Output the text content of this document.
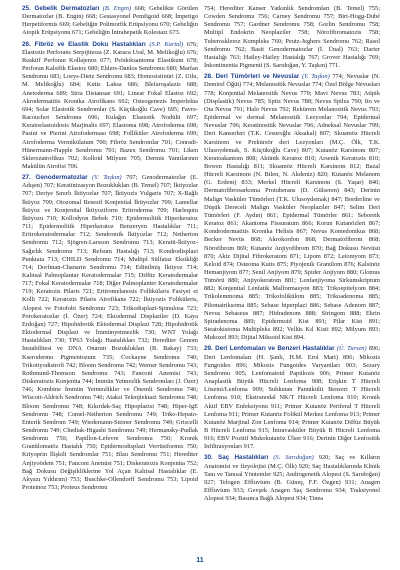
25. Gebelik Dermatozları (B. Engin) 668; Gebelikte Görülen Dermatozlar (B. Engin) 668; Gestasyonel Pemfigoid 668; İmpetigo Herpetiformis 669; Gebeliğin Polimorfik Erüpsiyonu 670; Gebeliğin Atopik Erüpsiyonu 671; Gebeliğin İntrahepatik Kolestazı 673.

26. Fibröz ve Elastik Doku Hastalıkları (S.P. Kartal) 676; Elastozis Perforans Serpijinoza (Z. Karaca Ural, M. Melikoğlu) 676; Reaktif Perforan Kollajenoz 677; Psödoksantoma Elastikum 678; Perforan Kalsifik Elastoz 680; Ehlers-Danlos Sendromu 680; Marfan Sendromu 683; Loeys-Dietz Sendromu 683; Homosistinüri (Z. Utlu, M. Melikoğlu) 684; Kutis Laksa 686; Blefaroşalazis 688; Anetoderma 689; Stria Distansae 691; Linear Fokal Elastoz 692; Akrodermatitis Kronika Atrofikans 692; Osteogenezis İmperfekta 694; Solar Elastotik Sendromlar (S. Küçükoğlu Cave) 695; Favre-Racouchot Sendromu 696; Kulağın Elastotik Nodülü 697; Keratoelastoidosis Marjinalis 697; Elastoma 698; Atrofoderma 698; Pasini ve Pierini Atrofoderması 698; Folliküler Atrofoderma 699; Atrofoderma Vermikülatum 700; Fibröz Sendromlar 701; Conradi-Hünermann-Happle Sendromu 701; Bazex Sendromu 701; Liken Sklerozatrofikus 702; Kolloid Milyum 705; Dermis Yanıtlarının Makülün Atrofisi 706.

27. Genodermatozlar (Y. Taşkın) 707; Genodermatozlar (E. Adışen) 707; Keratinizasyon Bozuklukları (B. Temel) 707; İktiyozlar 707; Deriye Sınırlı İktiyozlar 707; İktiyozis Vulgaris 707; X-Bağlı İktiyoz 709; Otozomal Resesif Konjenital İktiyozlar 709; Lamellar İktiyoz ve Konjenital İktiyoziform Eritroderma 709; Harlequin İktiyozu 710; Kollodyon Bebek 710; Epidermolitik Hiperkeratoz 711; Epidermolitik Hiperkeratoz Benzeryen Hastalıklar 711; Eritrokeratodermalar 712; Sendromik İktiyozlar 712; Netherton Sendromu 712; Sjögren-Larsson Sendromu 713; Keratit-İktiyoz-Sağırlık Sendromu 713; Refsum Hastalığı 713; Kondrodisplazi Punktata 713; CHILD Sendromu 714; Multipl Sülfataz Eksikliği 714; Dorfman-Chanarin Sendromu 714; Edinilmiş İktiyoz 714; Kalıtsal Palmoplantar Keratodermalar 715; Diffüz Keratodermalar 717; Fokal Keratodermalar 718; Diğer Palmoplanter Keratodermalar 719; Keratozis Pilaris 721; Eritromelanosis Follikülaris Fasiyei et Kolli 722; Keratozis Pilaris Atrofikans 722; İktiyozis Foliküleris, Alopesi ve Fotofobi Sendromu 723; Trikodisplazi-Spinulosa 723; Porokeratozlar (İ. Özer) 724; Ektodermal Displaziler (D. Kaya Erdoğan) 727; Hipohidrotik Ektodermal Displazi 728; Hipohidrotik Ektodermal Displazi ve İmmünyetmezlik 730; WNT Yolağı Hastalıkları 730; TP63 Yolağı Hastalıkları 732; Herediter Genom İnstabilitesi ve DNA Onarım Bozuklukları (B. Bakay) 733; Kserodermo Pigmentozum 735; Cockayne Sendromu 740; Trikotiyodistrofi 742; Bloom Sendromu 742; Werner Sendromu 743; Rothmund-Thomson Sendromu 743; Fanconi Anemisi 743; Diskeratozis Konjenita 744; İmmün Yetmezlik Sendromları (J. Özer) 746; Kombine İmmün Yetmezlikler ve Önemli Sendromu 746; Wiscott-Aldrich Sendromu 746; Ataksi Telenjiektazi Sendromu 748; Bloom Sendromu 748; Kıkırdak-Saç Hipoplazisi 748; Hiper-IgE Sendromu 748; Comel-Netherton Sendromu 749; Triko-Hepato-Enterik Sendrom 749; Wiedemann-Steiner Sendromu 749; Griscelli Sendromu 749; Chediak-Higashi Sendromu 749; Hermansky-Pudlak Sendromu 750; Papillon-Lefevre Sendromu 750; Kronik Granülomatöz Hastalık 750; Epidermodisplazi Verrüsiformis 750; Kriyoprin İlişkili Sendromlar 751; Blau Sendromu 751; Herediter Anjiyoödem 751; Fanconi Anemisi 751; Diskeratozis Konjenita 752; Bağ Dokusu Değişikliklerine Yol Açan Kalıtsal Hastalıklar (E. Akyazı Yıldırım) 753; Buschke-Ollendorff Sendromu 753; Lipoid Proteinoz 753; Proteus Sendromu

754; Herediter Kanser Yatkınlık Sendromları (B. Temel) 755; Cowden Sendromu 756; Carney Sendromu 757; Birt-Hogg-Dubé Sendromu 757; Gardner Sendromu 758; Gorlin Sendromu 758; Multipl Endokrin Neoplaziler 758; Nörofibromatozis 758; Tuberoskleroz Kompleks 760; Peutz-Jeghers Sendromu 762; Rasol Sendromu 762; Basit Genodermatozlar (İ. Ünal) 763; Darier Hastalığı 763; Hailey-Hailey Hastalığı 767; Grover Hastalığı 769; İnkontinentia Pigmenti (S. Sarıdoğan, Y. Taşkın) 771.

28. Deri Tümörleri ve Nevuslar (Y. Taşkın) 774; Nevuslar (N. Demirel Öğüt) 774; Melanositik Nevuslar 774; Özel Bölge Nevusları 778; Konjenital Melanositik Nevus 779; Mavi Nevus 783; Atipik (Displastik) Nevus 785; Spitz Nevus 788; Nevus Spilus 790; Ito ve Ota Nevus 791; Halo Nevus 792; Rekürren Melanositik Nevus 793; Epidermal ve dermal Melanositik Lezyonlar 794; Epidermal Nevuslar 796; Keratinositik Nevuslar 796; Adneksal Nevuslar 799; Deri Kanserleri (T.K. Cesuroğlu Aksakal) 807; Skuamöz Hücreli Karsinom ve Prekürsör deri Lezyonları (M.Ç. Ölk, T.K. Ulusoydemak, S. Küçükoğlu Cave) 807; Kutanöz Karsinom 807; Keratoakantom 808; Aktinik Keratoz 810; Arsenik Keratozis 810; Bowen Hastalığı 811; Skuamöz Hücreli Karsinom 812; Bazal Hücreli Karsinom (N. Bilen, N. Akdeniz) 820; Kutanöz Melanom (G. Erdem) 833; Merkel Hücreli Karsinom (S. Yaşar) 840; Dermatofibrosarkoma Protuberans (D. Gülseren) 843; Derinin Malign Vasküler Tümörleri (T.K. Ulusoydemak) 847; Borderline ve Düşük Dereceli Malign Vasküler Neoplaziler 847; Selim Deri Tümörleri (F. Aydın) 861; Epidermal Tümörler 861; Seboreik Keratoz 861; Akantoma Fissuratum 866; Korun Kutanözleri 867; Kondrodermatitis Kronika Helisis 867; Nevus Komedonikus 868; Becker Nevüs 868; Akrokordon 868; Dermatofibrom 868; Nörofibrom 869; Kutanöz Anjiyofibrom 870; Bağ Dokusu Nevüsü 870; Akiz Dijital Fibrokeratom 871; Lipom 872; Leiomyom 873; Keloid 874; Osteoma Kutis 875; Piyojenik Granülom 876; Kalsinöz Hemanjiyom 877; Senil Anjiyom 879; Spider Anjiyom 880; Glomus Tümörü 880; Anjiyokeratom 881; Lenfanjiyoma Sirkumskriptum 882; Konjenital Lenfatik Malformasyon 883; Trikoepitelyom 884; Trikolemmoma 885; Trikofolikülom 885; Trikoadenoma 885; Pilomatriksoma 885; Sebase hiperplazi 886; Sebase Adenom 887; Nevus Sebaseus 887; Hidradenom 888; Siringom 888; Ekrin Spiradenoma 889; Epidermoid Kist 891; Pilar Kist 891; Steatokistoma Multipleks 892; Vellüs Kıl Kisti 892; Milyum 893; Mukozel 893; Dijital Miksoid Kist 894.

29. Deri Lenfomaları ve Benzeri Hastalıklar (Ü. Tursen) 896; Deri Lenfomaları (H. Şanlı, H.M. Erol Mart) 896; Mikozis Fungoides 896; Mikozis Fungoides Varyantları 903; Sezary Sendromu 905; Lenfomatoid Papülozis 906; Primer Kutanöz Anaplastik Büyük Hücreli Lenfoma 908; Erişkin T Hücreli Lösemi/Lenfoma 909; Subkutan Pannikülit Benzeri T Hücreli Lenfoma 910; Ekstranodal NK/T Hücreli Lenfoma 910; Kronik Aktif EBV Enfeksiyonu 911; Primer Kutanöz Periferal T Hücreli Lenfoma 911; Primer Kutanöz Folikül Merkez Lenfoma 913; Primer Kutanöz Marjinal Zon Lenfoma 914; Primer Kutanöz Diffüz Büyük B Hücreli Lenfoma 915; İntravasküler Büyük B Hücreli Lenfoma 916; EBV Pozitif Mukokutanöz Ülser 916; Derinin Diğer Lenfositik İnfiltrasyonları 917.

30. Saç Hastalıkları (S. Sarıdoğan) 920; Saç ve Kılların Anatomisi ve fizyolojisi (M.Ç. Ölk) 920; Saç Hastalıklarında Klinik Tanı ve Tanısal Yöntemler 925; Androgenetik Alopesi (S. Sarıdoğan) 927; Telogen Effluvium (B. Güneş, F.F. Özgen) 931; Anagen Effluvium 933; Gevşek Anagen Saç Sendromu 934; Traksiyonel Alopesi 934; Basınca Bağlı Alopesi 934; Tinea

11
